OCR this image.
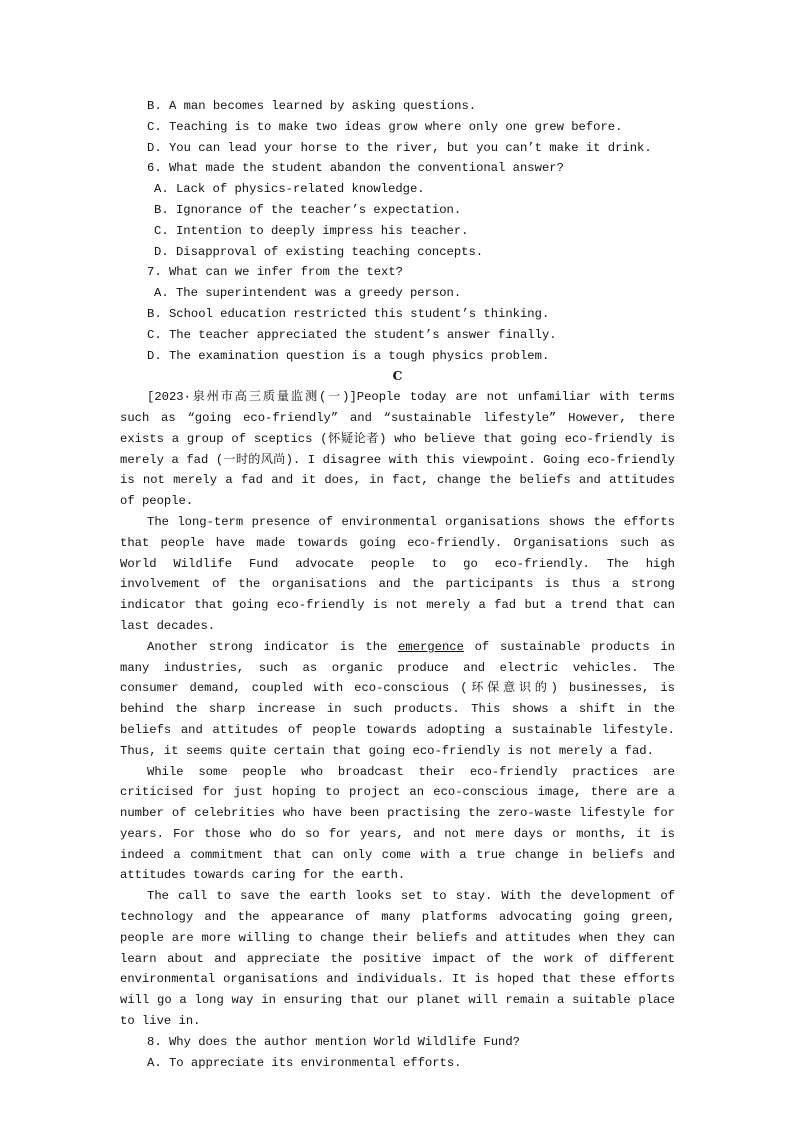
B. A man becomes learned by asking questions.

C. Teaching is to make two ideas grow where only one grew before.

D. You can lead your horse to the river, but you can’t make it drink.

6. What made the student abandon the conventional answer?

A. Lack of physics-related knowledge.

B. Ignorance of the teacher’s expectation.

C. Intention to deeply impress his teacher.

D. Disapproval of existing teaching concepts.

7. What can we infer from the text?

A. The superintendent was a greedy person.

B. School education restricted this student’s thinking.

C. The teacher appreciated the student’s answer finally.

D. The examination question is a tough physics problem.

C

[2023·泉州市高三质量监测(一)]People today are not unfamiliar with terms such as “going eco-friendly” and “sustainable lifestyle” However, there exists a group of sceptics (怀疑论者) who believe that going eco-friendly is merely a fad (一时的风尚). I disagree with this viewpoint. Going eco-friendly is not merely a fad and it does, in fact, change the beliefs and attitudes of people.

The long-term presence of environmental organisations shows the efforts that people have made towards going eco-friendly. Organisations such as World Wildlife Fund advocate people to go eco-friendly. The high involvement of the organisations and the participants is thus a strong indicator that going eco-friendly is not merely a fad but a trend that can last decades.

Another strong indicator is the emergence of sustainable products in many industries, such as organic produce and electric vehicles. The consumer demand, coupled with eco-conscious (环保意识的) businesses, is behind the sharp increase in such products. This shows a shift in the beliefs and attitudes of people towards adopting a sustainable lifestyle. Thus, it seems quite certain that going eco-friendly is not merely a fad.

While some people who broadcast their eco-friendly practices are criticised for just hoping to project an eco-conscious image, there are a number of celebrities who have been practising the zero-waste lifestyle for years. For those who do so for years, and not mere days or months, it is indeed a commitment that can only come with a true change in beliefs and attitudes towards caring for the earth.

The call to save the earth looks set to stay. With the development of technology and the appearance of many platforms advocating going green, people are more willing to change their beliefs and attitudes when they can learn about and appreciate the positive impact of the work of different environmental organisations and individuals. It is hoped that these efforts will go a long way in ensuring that our planet will remain a suitable place to live in.

8. Why does the author mention World Wildlife Fund?

A. To appreciate its environmental efforts.
